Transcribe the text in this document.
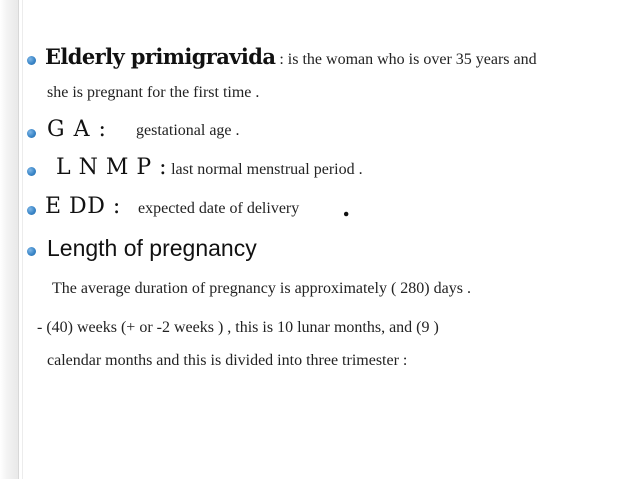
Elderly primigravida : is the woman who is over 35 years and
she is pregnant for the first time .
G A : gestational age .
L N M P : last normal menstrual period .
E DD : expected date of delivery .
Length of pregnancy
The average duration of pregnancy is approximately ( 280) days .
- (40) weeks (+ or -2 weeks ) , this is 10 lunar months, and (9 )
calendar months and this is divided into three trimester :
